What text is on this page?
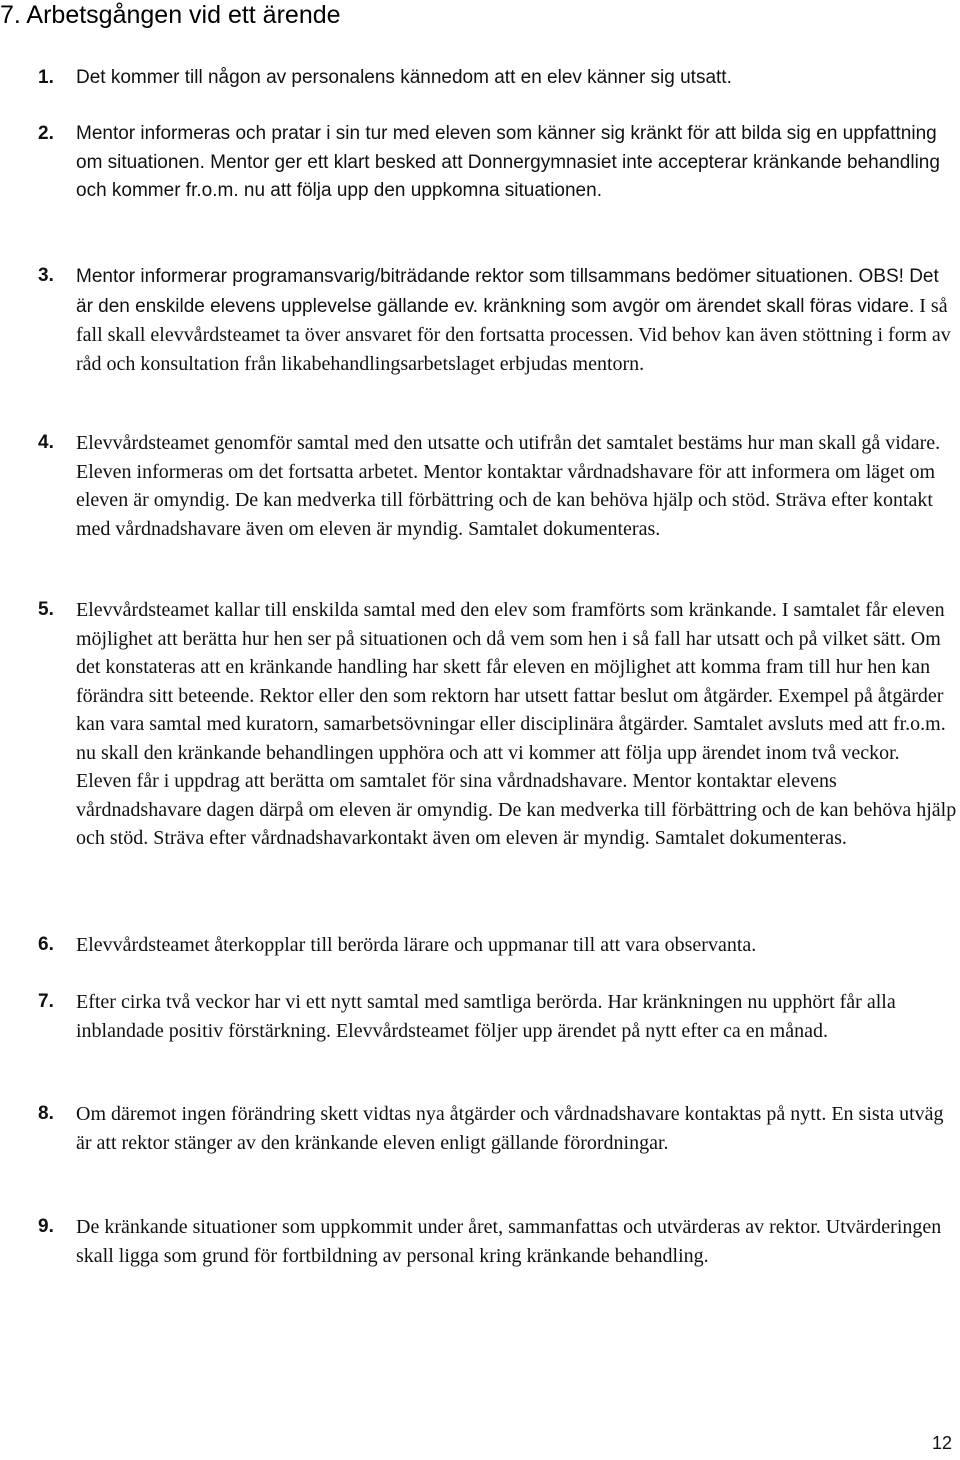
7. Arbetsgången vid ett ärende
1.	Det kommer till någon av personalens kännedom att en elev känner sig utsatt.

2.	Mentor informeras och pratar i sin tur med eleven som känner sig kränkt för att bilda sig en uppfattning om situationen. Mentor ger ett klart besked att Donnergymnasiet inte accepterar kränkande behandling och kommer fr.o.m. nu att följa upp den uppkomna situationen.

3.	Mentor informerar programansvarig/biträdande rektor som tillsammans bedömer situationen. OBS! Det är den enskilde elevens upplevelse gällande ev. kränkning som avgör om ärendet skall föras vidare. I så fall skall elevvårdsteamet ta över ansvaret för den fortsatta processen. Vid behov kan även stöttning i form av råd och konsultation från likabehandlingsarbetslaget erbjudas mentorn.

4.	Elevvårdsteamet genomför samtal med den utsatte och utifrån det samtalet bestäms hur man skall gå vidare. Eleven informeras om det fortsatta arbetet. Mentor kontaktar vårdnadshavare för att informera om läget om eleven är omyndig. De kan medverka till förbättring och de kan behöva hjälp och stöd. Sträva efter kontakt med vårdnadshavare även om eleven är myndig. Samtalet dokumenteras.

5.	Elevvårdsteamet kallar till enskilda samtal med den elev som framförts som kränkande. I samtalet får eleven möjlighet att berätta hur hen ser på situationen och då vem som hen i så fall har utsatt och på vilket sätt. Om det konstateras att en kränkande handling har skett får eleven en möjlighet att komma fram till hur hen kan förändra sitt beteende. Rektor eller den som rektorn har utsett fattar beslut om åtgärder. Exempel på åtgärder kan vara samtal med kuratorn, samarbetsövningar eller disciplinära åtgärder. Samtalet avsluts med att fr.o.m. nu skall den kränkande behandlingen upphöra och att vi kommer att följa upp ärendet inom två veckor. Eleven får i uppdrag att berätta om samtalet för sina vårdnadshavare. Mentor kontaktar elevens vårdnadshavare dagen därpå om eleven är omyndig. De kan medverka till förbättring och de kan behöva hjälp och stöd. Sträva efter vårdnadshavarkontakt även om eleven är myndig. Samtalet dokumenteras.

6.	Elevvårdsteamet återkopplar till berörda lärare och uppmanar till att vara observanta.

7.	Efter cirka två veckor har vi ett nytt samtal med samtliga berörda. Har kränkningen nu upphört får alla inblandade positiv förstärkning. Elevvårdsteamet följer upp ärendet på nytt efter ca en månad.

8.	Om däremot ingen förändring skett vidtas nya åtgärder och vårdnadshavare kontaktas på nytt. En sista utväg är att rektor stänger av den kränkande eleven enligt gällande förordningar.

9.	De kränkande situationer som uppkommit under året, sammanfattas och utvärderas av rektor. Utvärderingen skall ligga som grund för fortbildning av personal kring kränkande behandling.

12
